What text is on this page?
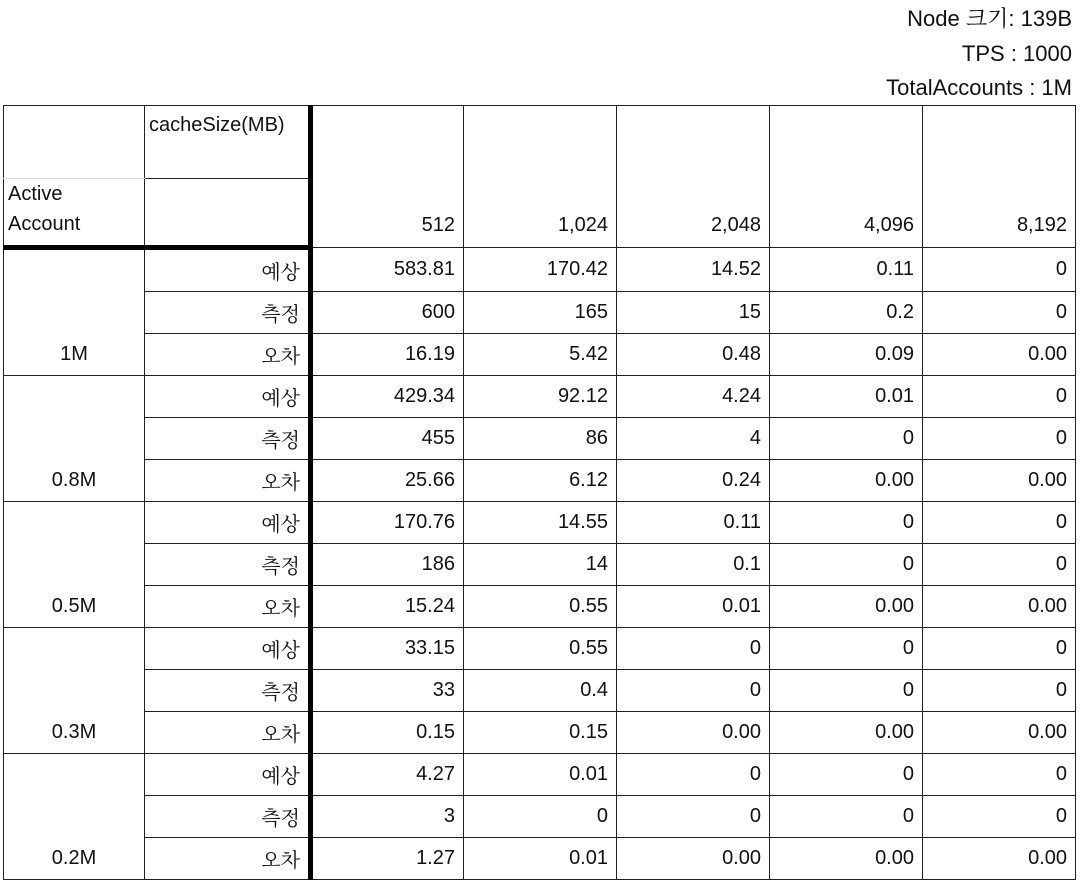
Node 크기: 139B
TPS : 1000
TotalAccounts : 1M
	cacheSize(MB)	512	1,024	2,048	4,096	8,192
Active Account						
1M	예상	583.81	170.42	14.52	0.11	0
	측정	600	165	15	0.2	0
	오차	16.19	5.42	0.48	0.09	0.00
0.8M	예상	429.34	92.12	4.24	0.01	0
	측정	455	86	4	0	0
	오차	25.66	6.12	0.24	0.00	0.00
0.5M	예상	170.76	14.55	0.11	0	0
	측정	186	14	0.1	0	0
	오차	15.24	0.55	0.01	0.00	0.00
0.3M	예상	33.15	0.55	0	0	0
	측정	33	0.4	0	0	0
	오차	0.15	0.15	0.00	0.00	0.00
0.2M	예상	4.27	0.01	0	0	0
	측정	3	0	0	0	0
	오차	1.27	0.01	0.00	0.00	0.00
